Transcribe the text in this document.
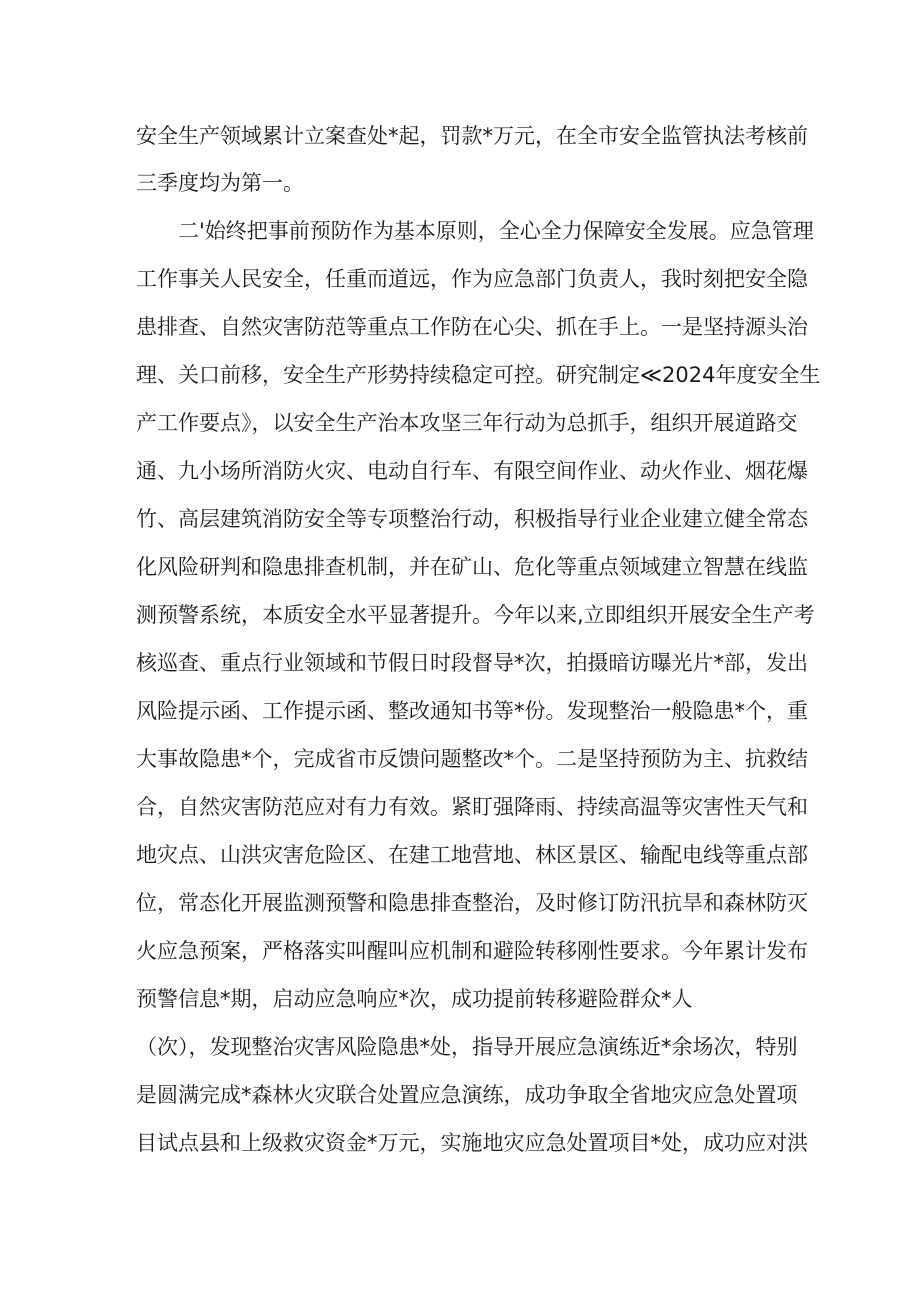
安全生产领域累计立案查处*起，罚款*万元，在全市安全监管执法考核前
三季度均为第一。
二'始终把事前预防作为基本原则，全心全力保障安全发展。应急管理
工作事关人民安全，任重而道远，作为应急部门负责人，我时刻把安全隐
患排查、自然灾害防范等重点工作防在心尖、抓在手上。一是坚持源头治
理、关口前移，安全生产形势持续稳定可控。研究制定≪2024年度安全生
产工作要点》，以安全生产治本攻坚三年行动为总抓手，组织开展道路交
通、九小场所消防火灾、电动自行车、有限空间作业、动火作业、烟花爆
竹、高层建筑消防安全等专项整治行动，积极指导行业企业建立健全常态
化风险研判和隐患排查机制，并在矿山、危化等重点领域建立智慧在线监
测预警系统，本质安全水平显著提升。今年以来,立即组织开展安全生产考
核巡查、重点行业领域和节假日时段督导*次，拍摄暗访曝光片*部，发出
风险提示函、工作提示函、整改通知书等*份。发现整治一般隐患*个，重
大事故隐患*个，完成省市反馈问题整改*个。二是坚持预防为主、抗救结
合，自然灾害防范应对有力有效。紧盯强降雨、持续高温等灾害性天气和
地灾点、山洪灾害危险区、在建工地营地、林区景区、输配电线等重点部
位，常态化开展监测预警和隐患排查整治，及时修订防汛抗旱和森林防灭
火应急预案，严格落实叫醒叫应机制和避险转移刚性要求。今年累计发布
预警信息*期，启动应急响应*次，成功提前转移避险群众*人
（次），发现整治灾害风险隐患*处，指导开展应急演练近*余场次，特别
是圆满完成*森林火灾联合处置应急演练，成功争取全省地灾应急处置项
目试点县和上级救灾资金*万元，实施地灾应急处置项目*处，成功应对洪
